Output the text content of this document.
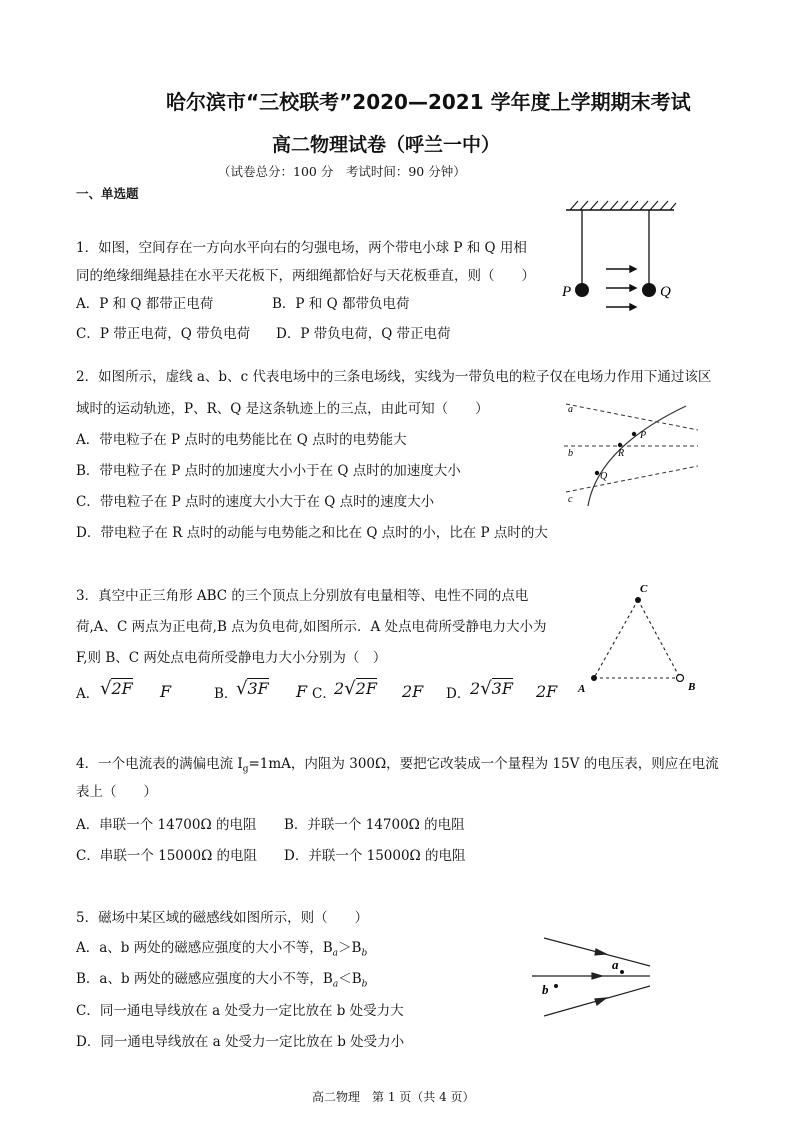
哈尔滨市“三校联考”2020—2021 学年度上学期期末考试
高二物理试卷（呼兰一中）
（试卷总分：100 分　考试时间：90 分钟）
一、单选题
1．如图，空间存在一方向水平向右的匀强电场，两个带电小球 P 和 Q 用相
同的绝缘细绳悬挂在水平天花板下，两细绳都恰好与天花板垂直，则（　　）
A．P 和 Q 都带正电荷	B．P 和 Q 都带负电荷
C．P 带正电荷，Q 带负电荷 D．P 带负电荷，Q 带正电荷
P	Q
2．如图所示，虚线 a、b、c 代表电场中的三条电场线，实线为一带负电的粒子仅在电场力作用下通过该区
域时的运动轨迹，P、R、Q 是这条轨迹上的三点，由此可知（　　）
A．带电粒子在 P 点时的电势能比在 Q 点时的电势能大
B．带电粒子在 P 点时的加速度大小小于在 Q 点时的加速度大小
C．带电粒子在 P 点时的速度大小大于在 Q 点时的速度大小
D．带电粒子在 R 点时的动能与电势能之和比在 Q 点时的小，比在 P 点时的大
a
b
c
P
R
Q
3．真空中正三角形 ABC 的三个顶点上分别放有电量相等、电性不同的点电
荷,A、C 两点为正电荷,B 点为负电荷,如图所示．A 处点电荷所受静电力大小为
F,则 B、C 两处点电荷所受静电力大小分别为（　）
A． √2F F	B．
√3F F C．
2√2F 2F D． 2√3F 2F
C
A	B
4．一个电流表的满偏电流 $I_g=1mA$，内阻为 300Ω，要把它改装成一个量程为 15V 的电压表，则应在电流
表上（　　）
A．串联一个 14700Ω 的电阻 B．并联一个 14700Ω 的电阻
C．串联一个 15000Ω 的电阻 D．并联一个 15000Ω 的电阻
5．磁场中某区域的磁感线如图所示，则（　　）
A．a、b 两处的磁感应强度的大小不等，$B_a>B_b$
B．a、b 两处的磁感应强度的大小不等，$B_a<B_b$
C．同一通电导线放在 a 处受力一定比放在 b 处受力大
D．同一通电导线放在 a 处受力一定比放在 b 处受力小
a
b
高二物理　第 1 页（共 4 页）
